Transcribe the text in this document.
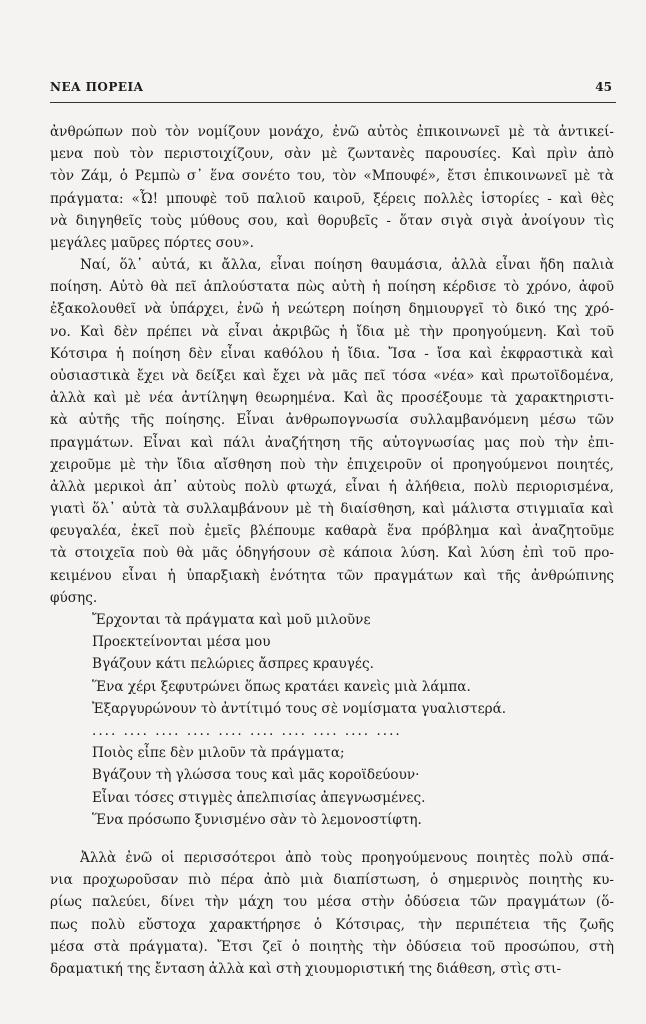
ΝΕΑ ΠΟΡΕΙΑ	45
ἀνθρώπων ποὺ τὸν νομίζουν μονάχο, ἐνῶ αὐτὸς ἐπικοινωνεῖ μὲ τὰ ἀντικεί-
μενα ποὺ τὸν περιστοιχίζουν, σὰν μὲ ζωντανὲς παρουσίες. Καὶ πρὶν ἀπὸ
τὸν Ζάμ, ὁ Ρεμπὼ σ᾿ ἕνα σονέτο του, τὸν «Μπουφέ», ἔτσι ἐπικοινωνεῖ μὲ τὰ
πράγματα: «Ὦ! μπουφὲ τοῦ παλιοῦ καιροῦ, ξέρεις πολλὲς ἱστορίες - καὶ θὲς
νὰ διηγηθεῖς τοὺς μύθους σου, καὶ θορυβεῖς - ὅταν σιγὰ σιγὰ ἀνοίγουν τὶς
μεγάλες μαῦρες πόρτες σου».
Ναί, ὅλ᾿ αὐτά, κι ἄλλα, εἶναι ποίηση θαυμάσια, ἀλλὰ εἶναι ἤδη παλιὰ
ποίηση. Αὐτὸ θὰ πεῖ ἁπλούστατα πὼς αὐτὴ ἡ ποίηση κέρδισε τὸ χρόνο, ἀφοῦ
ἐξακολουθεῖ νὰ ὑπάρχει, ἐνῶ ἡ νεώτερη ποίηση δημιουργεῖ τὸ δικό της χρό-
νο. Καὶ δὲν πρέπει νὰ εἶναι ἀκριβῶς ἡ ἴδια μὲ τὴν προηγούμενη. Καὶ τοῦ
Κότσιρα ἡ ποίηση δὲν εἶναι καθόλου ἡ ἴδια. Ἴσα - ἴσα καὶ ἐκφραστικὰ καὶ
οὐσιαστικὰ ἔχει νὰ δείξει καὶ ἔχει νὰ μᾶς πεῖ τόσα «νέα» καὶ πρωτοϊδομένα,
ἀλλὰ καὶ μὲ νέα ἀντίληψη θεωρημένα. Καὶ ἂς προσέξουμε τὰ χαρακτηριστι-
κὰ αὐτῆς τῆς ποίησης. Εἶναι ἀνθρωπογνωσία συλλαμβανόμενη μέσω τῶν
πραγμάτων. Εἶναι καὶ πάλι ἀναζήτηση τῆς αὐτογνωσίας μας ποὺ τὴν ἐπι-
χειροῦμε μὲ τὴν ἴδια αἴσθηση ποὺ τὴν ἐπιχειροῦν οἱ προηγούμενοι ποιητές,
ἀλλὰ μερικοὶ ἀπ᾿ αὐτοὺς πολὺ φτωχά, εἶναι ἡ ἀλήθεια, πολὺ περιορισμένα,
γιατὶ ὅλ᾿ αὐτὰ τὰ συλλαμβάνουν μὲ τὴ διαίσθηση, καὶ μάλιστα στιγμιαῖα καὶ
φευγαλέα, ἐκεῖ ποὺ ἐμεῖς βλέπουμε καθαρὰ ἕνα πρόβλημα καὶ ἀναζητοῦμε
τὰ στοιχεῖα ποὺ θὰ μᾶς ὁδηγήσουν σὲ κάποια λύση. Καὶ λύση ἐπὶ τοῦ προ-
κειμένου εἶναι ἡ ὑπαρξιακὴ ἑνότητα τῶν πραγμάτων καὶ τῆς ἀνθρώπινης
φύσης.
Ἔρχονται τὰ πράγματα καὶ μοῦ μιλοῦνε
Προεκτείνονται μέσα μου
Βγάζουν κάτι πελώριες ἄσπρες κραυγές.
Ἕνα χέρι ξεφυτρώνει ὅπως κρατάει κανεὶς μιὰ λάμπα.
Ἐξαργυρώνουν τὸ ἀντίτιμό τους σὲ νομίσματα γυαλιστερά.
.... .... .... .... .... .... .... .... .... ....
Ποιὸς εἶπε δὲν μιλοῦν τὰ πράγματα;
Βγάζουν τὴ γλώσσα τους καὶ μᾶς κοροϊδεύουν·
Εἶναι τόσες στιγμὲς ἀπελπισίας ἀπεγνωσμένες.
Ἕνα πρόσωπο ξυνισμένο σὰν τὸ λεμονοστίφτη.
Ἀλλὰ ἐνῶ οἱ περισσότεροι ἀπὸ τοὺς προηγούμενους ποιητὲς πολὺ σπά-
νια προχωροῦσαν πιὸ πέρα ἀπὸ μιὰ διαπίστωση, ὁ σημερινὸς ποιητὴς κυ-
ρίως παλεύει, δίνει τὴν μάχη του μέσα στὴν ὀδύσεια τῶν πραγμάτων (ὅ-
πως πολὺ εὔστοχα χαρακτήρησε ὁ Κότσιρας, τὴν περιπέτεια τῆς ζωῆς
μέσα στὰ πράγματα). Ἔτσι ζεῖ ὁ ποιητὴς τὴν ὀδύσεια τοῦ προσώπου, στὴ
δραματική της ἔνταση ἀλλὰ καὶ στὴ χιουμοριστική της διάθεση, στὶς στι-
